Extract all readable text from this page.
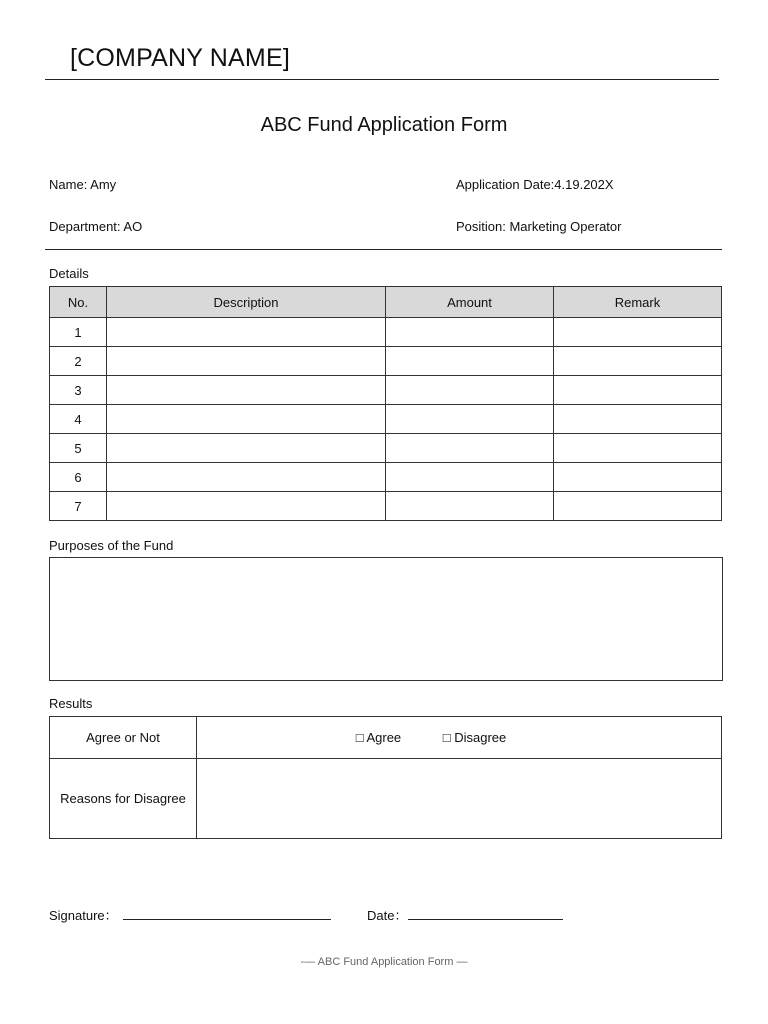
[COMPANY NAME]
ABC Fund Application Form
Name: Amy	Application Date:4.19.202X
Department: AO	Position: Marketing Operator
Details
No.	Description	Amount	Remark
1			
2			
3			
4			
5			
6			
7			
Purposes of the Fund
Results
Agree or Not	□ Agree □ Disagree
Reasons for Disagree	
Signature：	Date：
-— ABC Fund Application Form —
